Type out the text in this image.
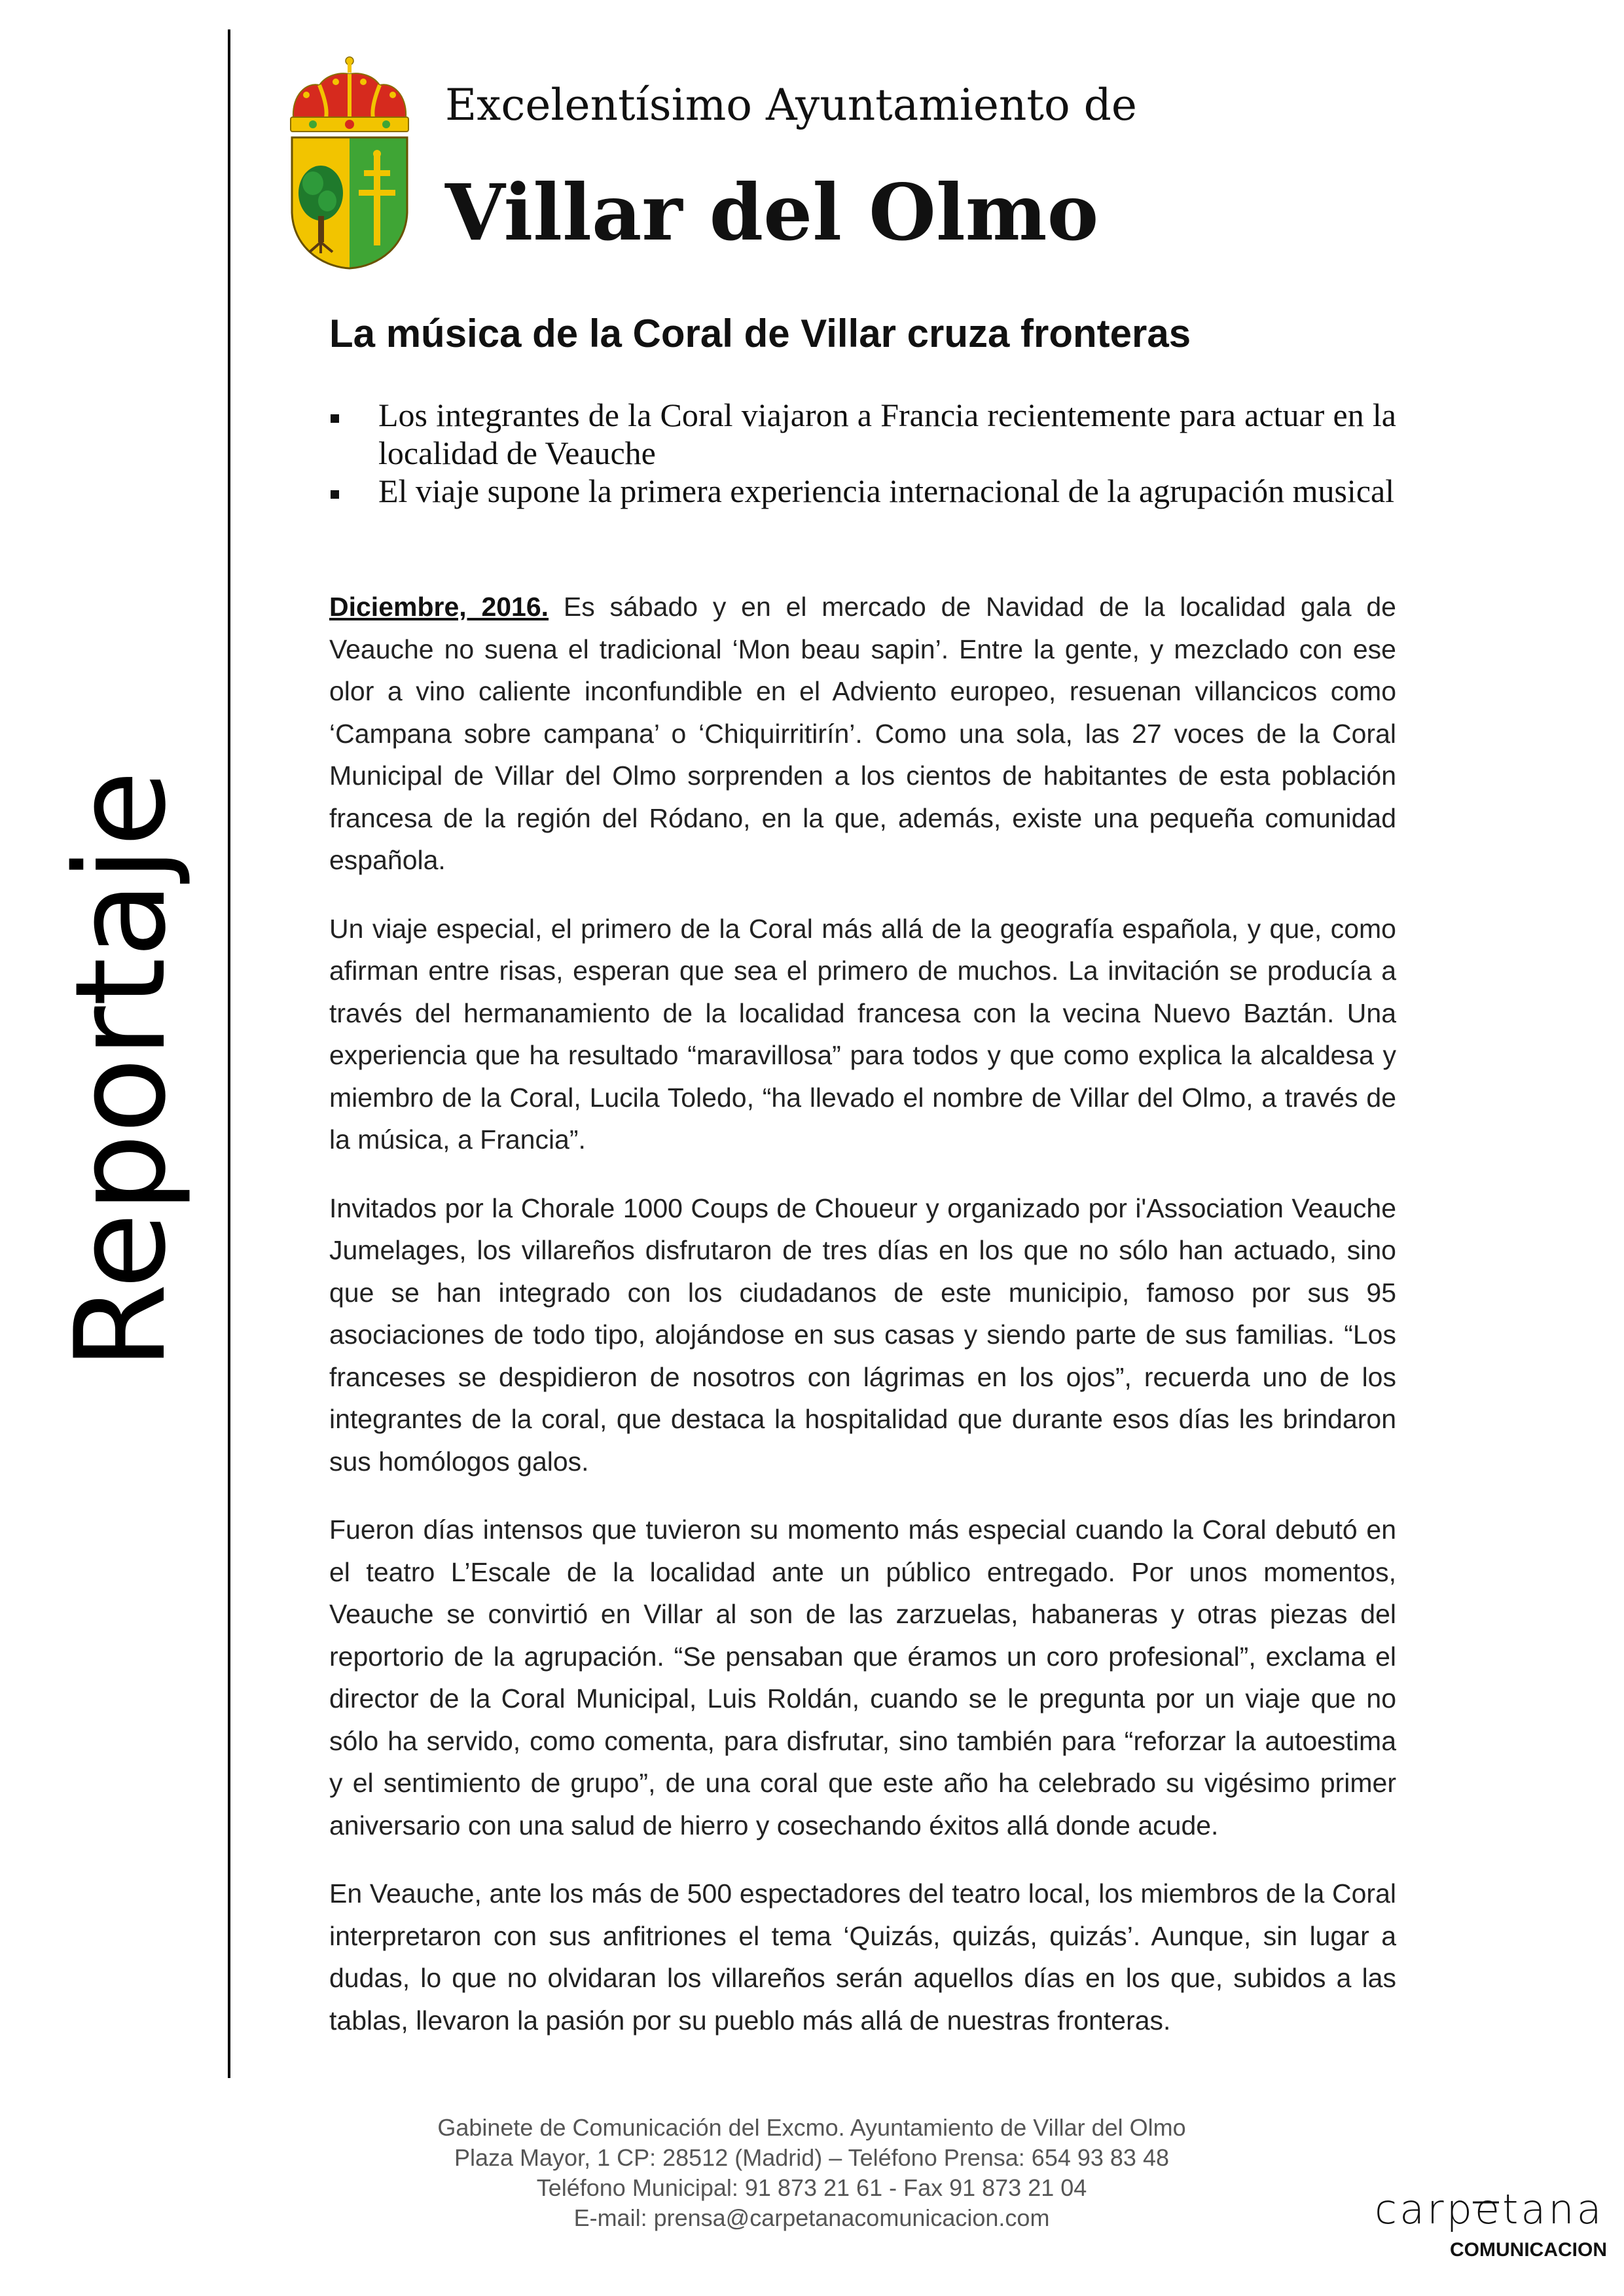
Reportaje
Excelentísimo Ayuntamiento de
Villar del Olmo
La música de la Coral de Villar cruza fronteras
Los integrantes de la Coral viajaron a Francia recientemente para actuar en la localidad de Veauche
El viaje supone la primera experiencia internacional de la agrupación musical

Diciembre, 2016. Es sábado y en el mercado de Navidad de la localidad gala de Veauche no suena el tradicional ‘Mon beau sapin’. Entre la gente, y mezclado con ese olor a vino caliente inconfundible en el Adviento europeo, resuenan villancicos como ‘Campana sobre campana’ o ‘Chiquirritirín’. Como una sola, las 27 voces de la Coral Municipal de Villar del Olmo sorprenden a los cientos de habitantes de esta población francesa de la región del Ródano, en la que, además, existe una pequeña comunidad española.

Un viaje especial, el primero de la Coral más allá de la geografía española, y que, como afirman entre risas, esperan que sea el primero de muchos. La invitación se producía a través del hermanamiento de la localidad francesa con la vecina Nuevo Baztán. Una experiencia que ha resultado “maravillosa” para todos y que como explica la alcaldesa y miembro de la Coral, Lucila Toledo, “ha llevado el nombre de Villar del Olmo, a través de la música, a Francia”.

Invitados por la Chorale 1000 Coups de Choueur y organizado por i'Association Veauche Jumelages, los villareños disfrutaron de tres días en los que no sólo han actuado, sino que se han integrado con los ciudadanos de este municipio, famoso por sus 95 asociaciones de todo tipo, alojándose en sus casas y siendo parte de sus familias. “Los franceses se despidieron de nosotros con lágrimas en los ojos”, recuerda uno de los integrantes de la coral, que destaca la hospitalidad que durante esos días les brindaron sus homólogos galos.

Fueron días intensos que tuvieron su momento más especial cuando la Coral debutó en el teatro L’Escale de la localidad ante un público entregado. Por unos momentos, Veauche se convirtió en Villar al son de las zarzuelas, habaneras y otras piezas del reportorio de la agrupación. “Se pensaban que éramos un coro profesional”, exclama el director de la Coral Municipal, Luis Roldán, cuando se le pregunta por un viaje que no sólo ha servido, como comenta, para disfrutar, sino también para “reforzar la autoestima y el sentimiento de grupo”, de una coral que este año ha celebrado su vigésimo primer aniversario con una salud de hierro y cosechando éxitos allá donde acude.

En Veauche, ante los más de 500 espectadores del teatro local, los miembros de la Coral interpretaron con sus anfitriones el tema ‘Quizás, quizás, quizás’. Aunque, sin lugar a dudas, lo que no olvidaran los villareños serán aquellos días en los que, subidos a las tablas, llevaron la pasión por su pueblo más allá de nuestras fronteras.

Gabinete de Comunicación del Excmo. Ayuntamiento de Villar del Olmo
Plaza Mayor, 1 CP: 28512 (Madrid) – Teléfono Prensa: 654 93 83 48
Teléfono Municipal: 91 873 21 61 - Fax 91 873 21 04
E-mail: prensa@carpetanacomunicacion.com	carpetana
COMUNICACION
